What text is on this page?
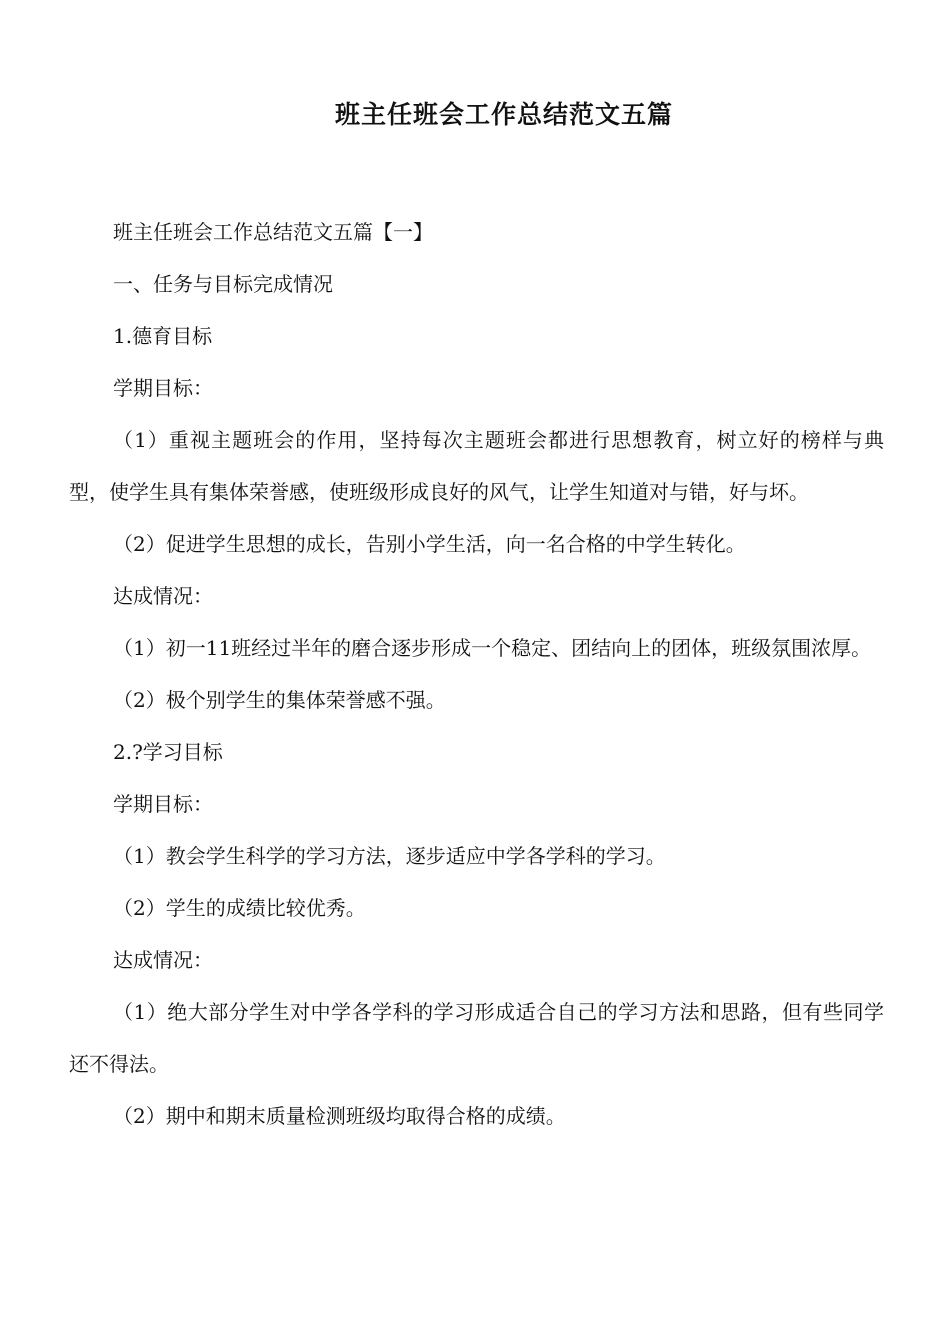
班主任班会工作总结范文五篇

班主任班会工作总结范文五篇【一】

一、任务与目标完成情况

1.德育目标

学期目标：

（1）重视主题班会的作用，坚持每次主题班会都进行思想教育，树立好的榜样与典型，使学生具有集体荣誉感，使班级形成良好的风气，让学生知道对与错，好与坏。

（2）促进学生思想的成长，告别小学生活，向一名合格的中学生转化。

达成情况：

（1）初一11班经过半年的磨合逐步形成一个稳定、团结向上的团体，班级氛围浓厚。

（2）极个别学生的集体荣誉感不强。

2.?学习目标

学期目标：

（1）教会学生科学的学习方法，逐步适应中学各学科的学习。

（2）学生的成绩比较优秀。

达成情况：

（1）绝大部分学生对中学各学科的学习形成适合自己的学习方法和思路，但有些同学还不得法。

（2）期中和期末质量检测班级均取得合格的成绩。
